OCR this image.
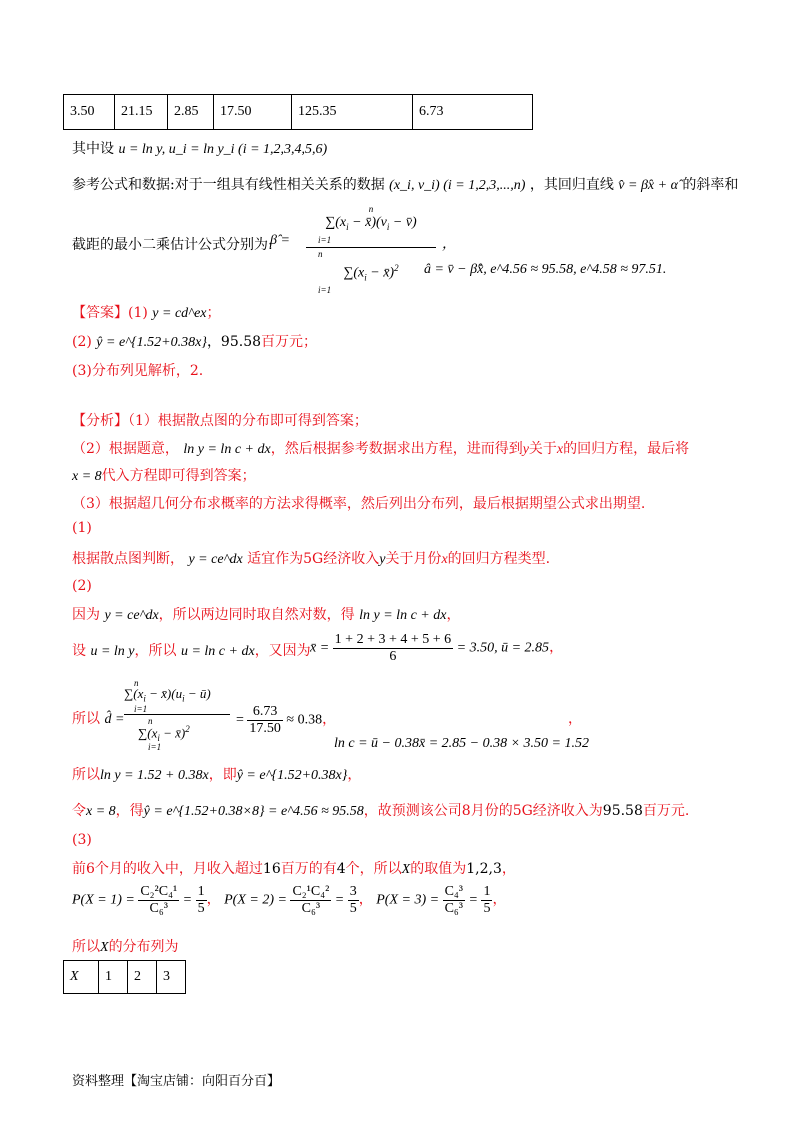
3.50	21.15	2.85	17.50	125.35	6.73
其中设 u = ln y, u_i = ln y_i (i = 1,2,3,4,5,6)
参考公式和数据:对于一组具有线性相关关系的数据 (x_i, v_i) (i = 1,2,3,...,n) ，其回归直线 v̂ = β̂x + α̂ 的斜率和
截距的最小二乘估计公式分别为:
β̂ =
n
$\sum(x_i$ − $x̄)(v_i$ − v̄)
i=1
n
$\sum(x_i$ − x̄)$^2$
i=1
，
â = v̄ − β̂x̄, e^4.56 ≈ 95.58, e^4.58 ≈ 97.51.
【答案】(1) y = cd^ex；
(2) ŷ = e^{1.52+0.38x}，95.58百万元；
(3)分布列见解析，2.
【分析】（1）根据散点图的分布即可得到答案；
（2）根据题意， ln y = ln c + dx，然后根据参考数据求出方程，进而得到y关于x的回归方程，最后将
x = 8代入方程即可得到答案；
（3）根据超几何分布求概率的方法求得概率，然后列出分布列，最后根据期望公式求出期望.
(1)
根据散点图判断， y = ce^dx 适宜作为5G经济收入y关于月份x的回归方程类型.
(2)
因为 y = ce^dx，所以两边同时取自然对数，得 ln y = ln c + dx，
设 u = ln y，所以 u = ln c + dx，又因为 x̄ = $\frac{1 + 2 + 3 + 4 + 5 + 6}{6} = 3.50$, ū = 2.85，
所以 d̂ =
n
$\sum(x_i$ − $x̄)(u_i$ − ū)
i=1
n
$\sum(x_i$ − x̄)$^2$
i=1
= $\frac{6.73}{17.50} \approx 0.38$，	，
ln c = ū − 0.38x̄ = 2.85 − 0.38 × 3.50 = 1.52
所以ln y = 1.52 + 0.38x，即ŷ = e^{1.52+0.38x}，
令x = 8，得ŷ = e^{1.52+0.38×8} = e^4.56 ≈ 95.58，故预测该公司8月份的5G经济收入为95.58百万元.
(3)
前6个月的收入中，月收入超过16百万的有4个，所以X的取值为1,2,3，
$P(X = 1) = \frac{\text{C₂²C₄¹}}{\text{C₆³}} = \frac{1}{5}$ ， $P(X = 2) = \frac{\text{C₂¹C₄²}}{\text{C₆³}} = \frac{3}{5}$ ， $P(X = 3) = \frac{\text{C₄³}}{\text{C₆³}} = \frac{1}{5}$ ，
所以X的分布列为
X	1	2	3
资料整理【淘宝店铺：向阳百分百】
